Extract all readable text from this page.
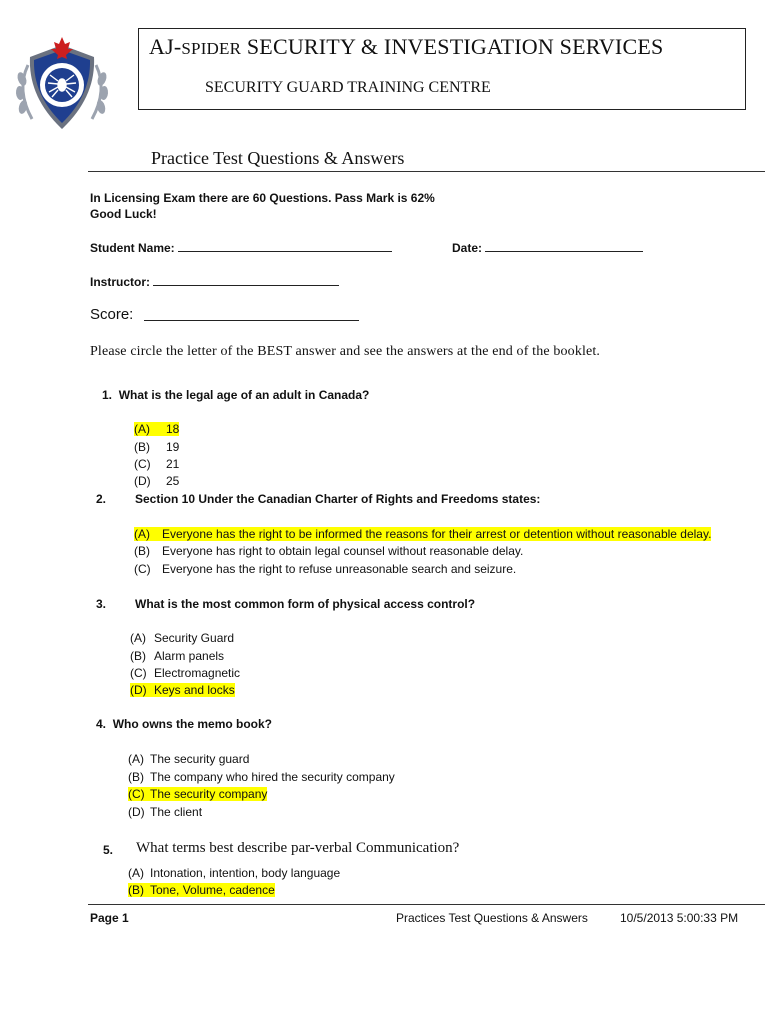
AJ-SPIDER SECURITY & INVESTIGATION SERVICES
SECURITY GUARD TRAINING CENTRE
Practice Test Questions & Answers
In Licensing Exam there are 60 Questions. Pass Mark is 62%
Good Luck!
Student Name:	Date:
Instructor:
Score:
Please circle the letter of the BEST answer and see the answers at the end of the booklet.
1. What is the legal age of an adult in Canada?
(A) 18
(B) 19
(C) 21
(D) 25
2. Section 10 Under the Canadian Charter of Rights and Freedoms states:
(A) Everyone has the right to be informed the reasons for their arrest or detention without reasonable delay.
(B) Everyone has right to obtain legal counsel without reasonable delay.
(C) Everyone has the right to refuse unreasonable search and seizure.
3. What is the most common form of physical access control?
(A) Security Guard
(B) Alarm panels
(C) Electromagnetic
(D) Keys and locks
4. Who owns the memo book?
(A) The security guard
(B) The company who hired the security company
(C) The security company
(D) The client
5. What terms best describe par-verbal Communication?
(A) Intonation, intention, body language
(B) Tone, Volume, cadence
Page 1	Practices Test Questions & Answers	10/5/2013 5:00:33 PM
